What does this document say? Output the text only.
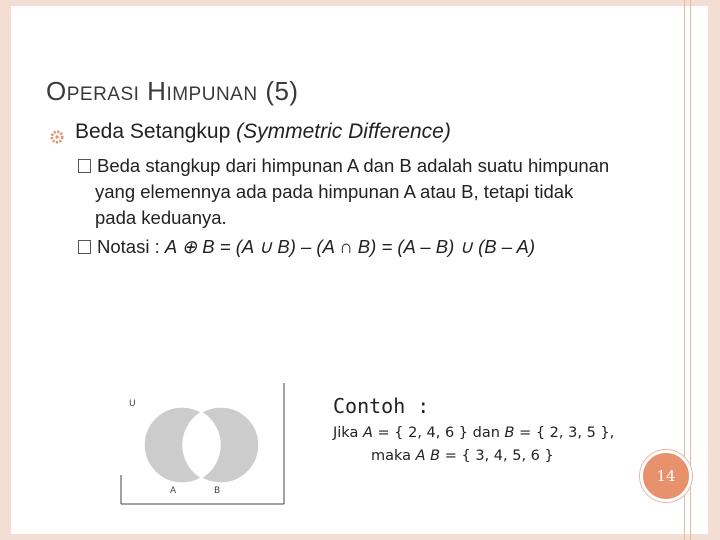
OPERASI HIMPUNAN (5)
Beda Setangkup (Symmetric Difference)
Beda stangkup dari himpunan A dan B adalah suatu himpunan
yang elemennya ada pada himpunan A atau B, tetapi tidak
pada keduanya.
Notasi : A ⊕ B = (A ∪ B) – (A ∩ B) = (A – B) ∪ (B – A)
U
A	B
Contoh :
Jika A = { 2, 4, 6 } dan B = { 2, 3, 5 },
maka A B = { 3, 4, 5, 6 }
14
